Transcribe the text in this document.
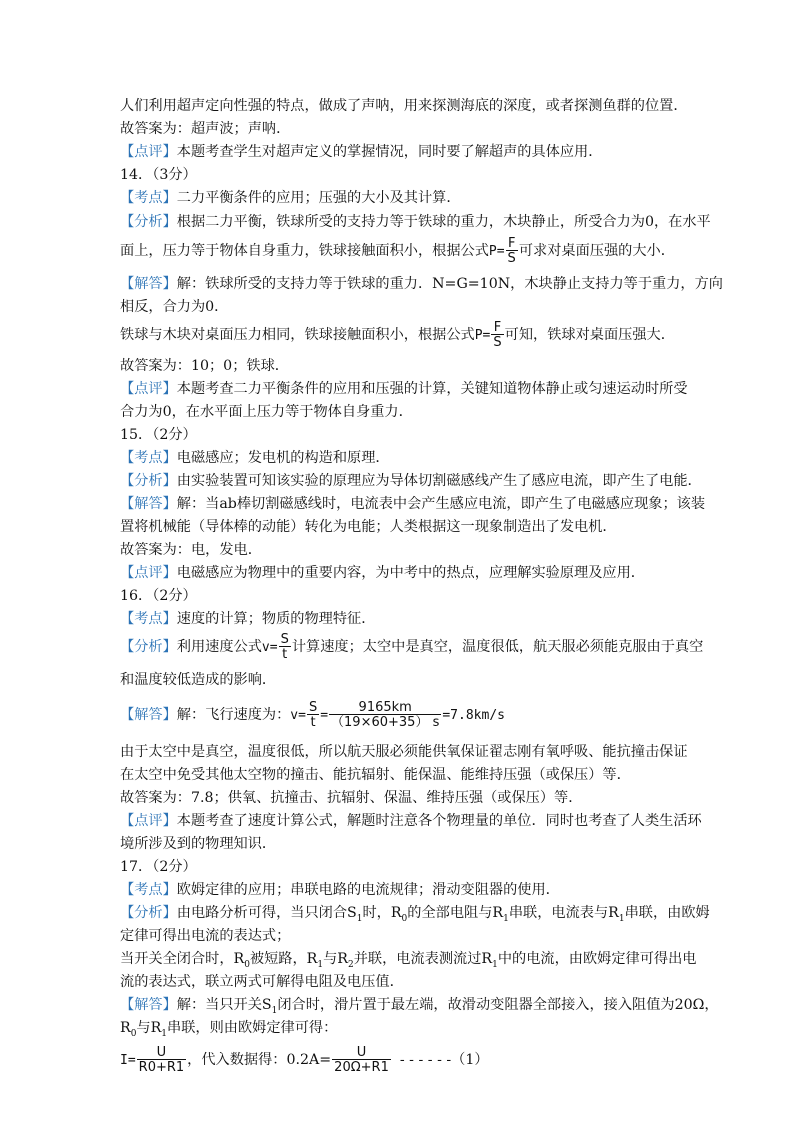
人们利用超声定向性强的特点，做成了声呐，用来探测海底的深度，或者探测鱼群的位置．
故答案为：超声波；声呐．
【点评】本题考查学生对超声定义的掌握情况，同时要了解超声的具体应用．
14．（3分）
【考点】二力平衡条件的应用；压强的大小及其计算．
【分析】根据二力平衡，铁球所受的支持力等于铁球的重力，木块静止，所受合力为0，在水平
面上，压力等于物体自身重力，铁球接触面积小，根据公式$P= \frac{F}{S}$ 可求对桌面压强的大小．
【解答】解：铁球所受的支持力等于铁球的重力．N=G=10N，木块静止支持力等于重力，方向
相反，合力为0．
铁球与木块对桌面压力相同，铁球接触面积小，根据公式$P= \frac{F}{S}$ 可知，铁球对桌面压强大．
故答案为：10；0；铁球．
【点评】本题考查二力平衡条件的应用和压强的计算，关键知道物体静止或匀速运动时所受
合力为0，在水平面上压力等于物体自身重力．
15．（2分）
【考点】电磁感应；发电机的构造和原理．
【分析】由实验装置可知该实验的原理应为导体切割磁感线产生了感应电流，即产生了电能．
【解答】解：当ab棒切割磁感线时，电流表中会产生感应电流，即产生了电磁感应现象；该装
置将机械能（导体棒的动能）转化为电能；人类根据这一现象制造出了发电机．
故答案为：电，发电．
【点评】电磁感应为物理中的重要内容，为中考中的热点，应理解实验原理及应用．
16．（2分）
【考点】速度的计算；物质的物理特征．
【分析】利用速度公式$v= \frac{S}{t}$ 计算速度；太空中是真空，温度很低，航天服必须能克服由于真空
和温度较低造成的影响．
【解答】解：飞行速度为：$v= \frac{S}{t} = \frac{9165km}{(19\times 60+35) s} =7.8km/s$
由于太空中是真空，温度很低，所以航天服必须能供氧保证翟志刚有氧呼吸、能抗撞击保证
在太空中免受其他太空物的撞击、能抗辐射、能保温、能维持压强（或保压）等．
故答案为：7.8；供氧、抗撞击、抗辐射、保温、维持压强（或保压）等．
【点评】本题考查了速度计算公式，解题时注意各个物理量的单位．同时也考查了人类生活环
境所涉及到的物理知识．
17．（2分）
【考点】欧姆定律的应用；串联电路的电流规律；滑动变阻器的使用．
【分析】由电路分析可得，当只闭合$S_1$时，$R_0$的全部电阻与$R_1$串联，电流表与$R_1$串联，由欧姆
定律可得出电流的表达式；
当开关全闭合时，$R_0$被短路，$R_1$与$R_2$并联，电流表测流过$R_1$中的电流，由欧姆定律可得出电
流的表达式，联立两式可解得电阻及电压值．
【解答】解：当只开关$S_1$闭合时，滑片置于最左端，故滑动变阻器全部接入，接入阻值为20Ω，
$R_0$与$R_1$串联，则由欧姆定律可得：
$I= \frac{U}{R0+R1}$ ，代入数据得：$0.2A= \frac{U}{20\Omega+R1}$ - - - - - -（1）
